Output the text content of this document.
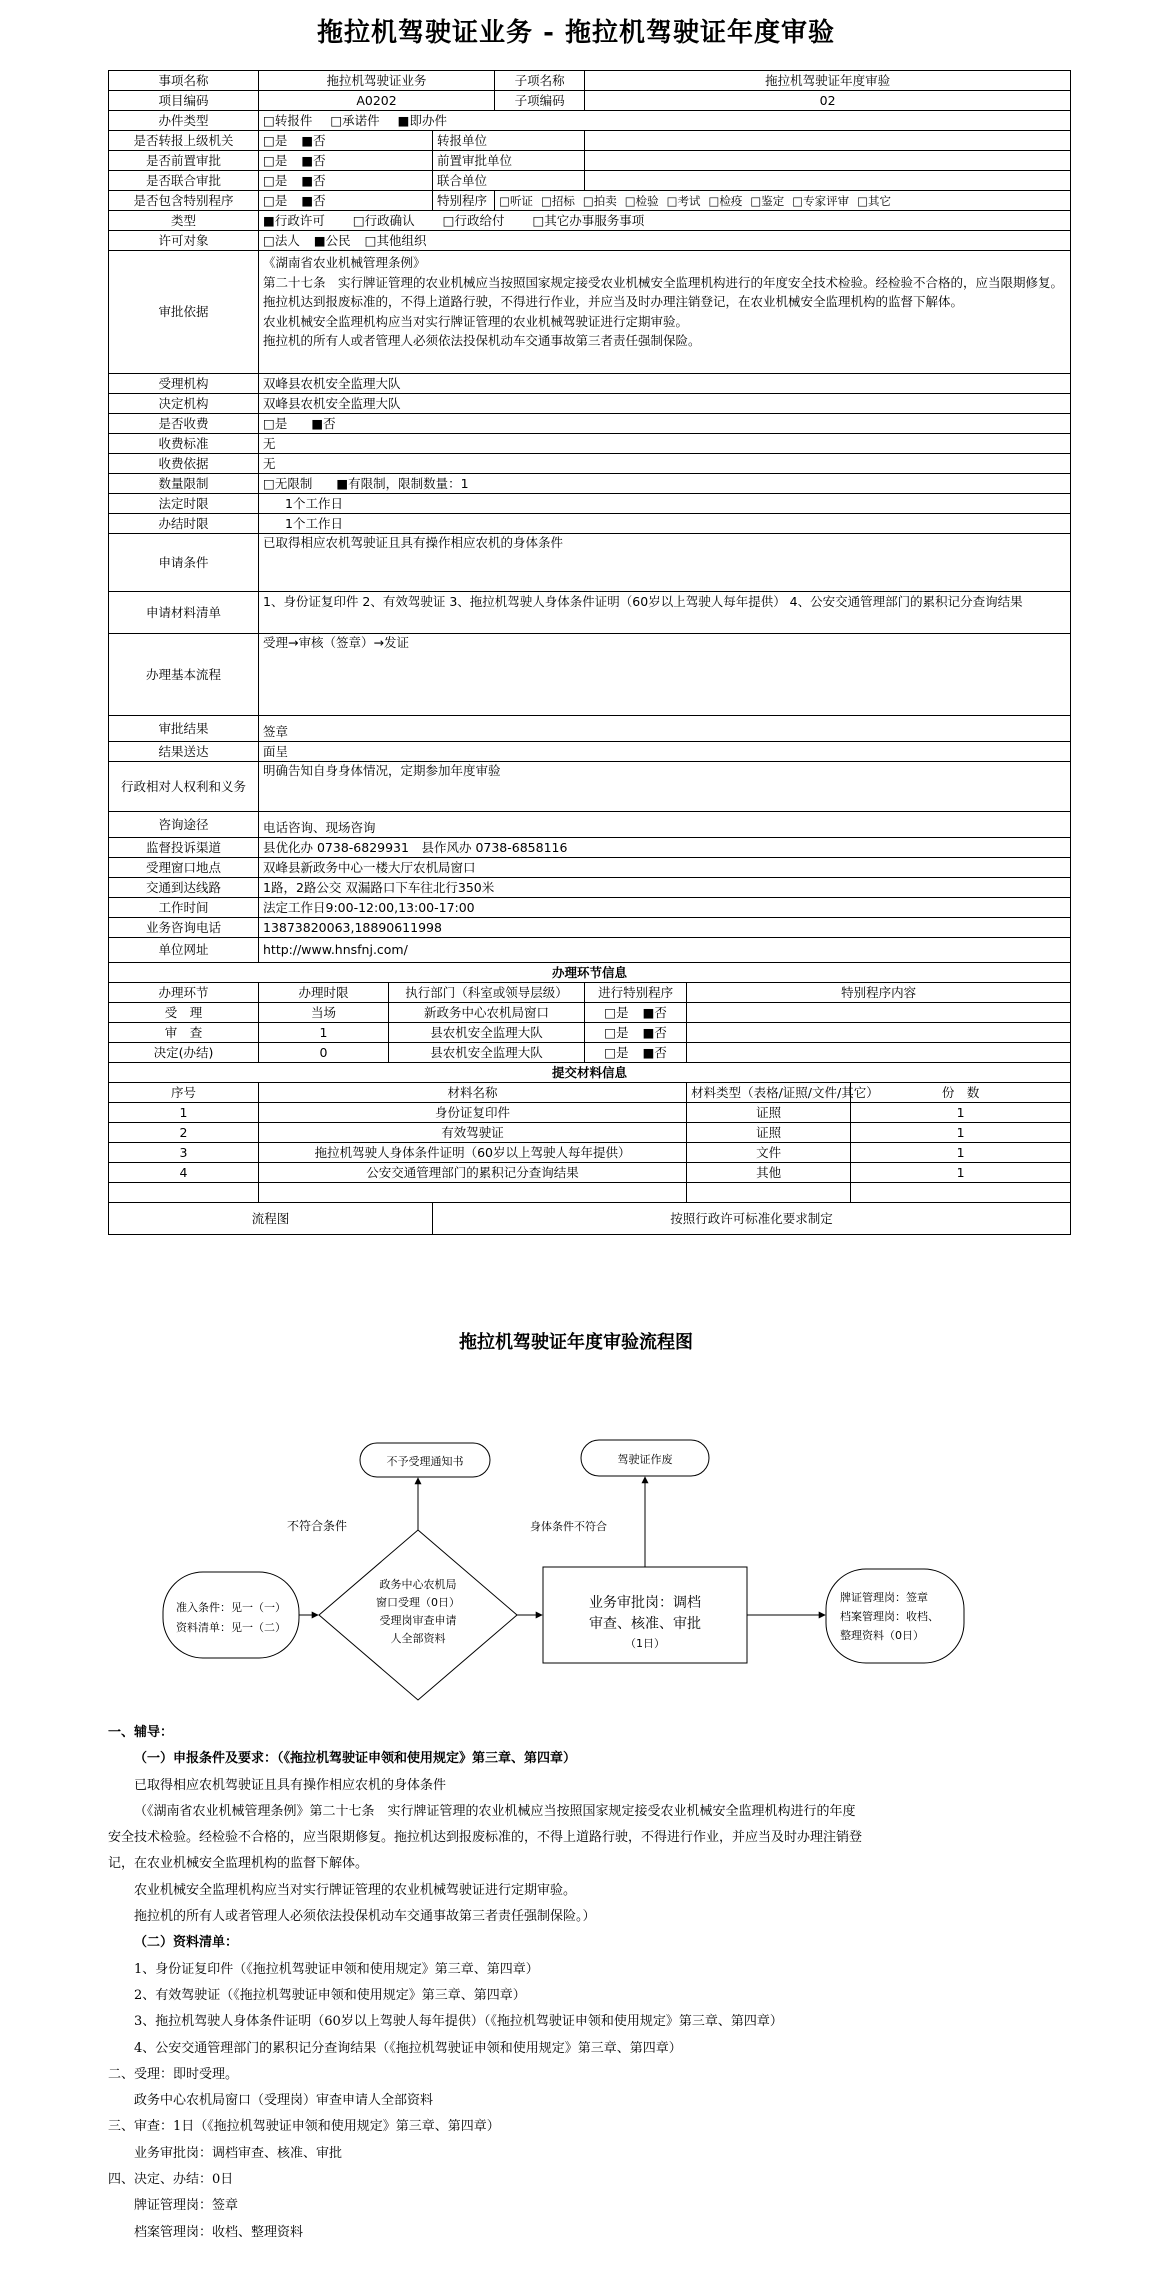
拖拉机驾驶证业务 - 拖拉机驾驶证年度审验
事项名称	拖拉机驾驶证业务			子项名称	拖拉机驾驶证年度审验		
项目编码	A0202			子项编码	02		
办件类型	□转报件 □承诺件 ■即办件						
是否转报上级机关	□是 ■否		转报单位				
是否前置审批	□是 ■否		前置审批单位				
是否联合审批	□是 ■否		联合单位				
是否包含特别程序	□是 ■否		特别程序	□听证 □招标 □拍卖 □检验 □考试 □检疫 □鉴定 □专家评审 □其它			
类型	■行政许可 □行政确认 □行政给付 □其它办事服务事项						
许可对象	□法人 ■公民 □其他组织						
审批依据	《湖南省农业机械管理条例》
第二十七条　实行牌证管理的农业机械应当按照国家规定接受农业机械安全监理机构进行的年度安全技术检验。经检验不合格的，应当限期修复。拖拉机达到报废标准的，不得上道路行驶，不得进行作业，并应当及时办理注销登记，在农业机械安全监理机构的监督下解体。
农业机械安全监理机构应当对实行牌证管理的农业机械驾驶证进行定期审验。
拖拉机的所有人或者管理人必须依法投保机动车交通事故第三者责任强制保险。						

受理机构	双峰县农机安全监理大队						
决定机构	双峰县农机安全监理大队						
是否收费	□是 ■否						
收费标准	无						
收费依据	无						
数量限制	□无限制 ■有限制，限制数量：1						
法定时限	1个工作日						
办结时限	1个工作日						
申请条件	已取得相应农机驾驶证且具有操作相应农机的身体条件						
申请材料清单	1、身份证复印件 2、有效驾驶证 3、拖拉机驾驶人身体条件证明（60岁以上驾驶人每年提供） 4、公安交通管理部门的累积记分查询结果						
办理基本流程	受理→审核（签章）→发证						
审批结果	签章						
结果送达	面呈						
行政相对人权利和义务	明确告知自身身体情况，定期参加年度审验						
咨询途径	电话咨询、现场咨询						
监督投诉渠道	县优化办 0738-6829931　县作风办 0738-6858116						
受理窗口地点	双峰县新政务中心一楼大厅农机局窗口						
交通到达线路	1路，2路公交 双漏路口下车往北行350米						
工作时间	法定工作日9:00-12:00,13:00-17:00						
业务咨询电话	13873820063,18890611998						
单位网址	http://www.hnsfnj.com/						
办理环节信息							
办理环节	办理时限	执行部门（科室或领导层级）			进行特别程序	特别程序内容	
受　理	当场	新政务中心农机局窗口			□是 ■否		
审　查	1	县农机安全监理大队			□是 ■否		
决定(办结)	0	县农机安全监理大队			□是 ■否		
提交材料信息							
序号	材料名称					材料类型（表格/证照/文件/其它）	份　数
1	身份证复印件					证照	1
2	有效驾驶证					证照	1
3	拖拉机驾驶人身体条件证明（60岁以上驾驶人每年提供）					文件	1
4	公安交通管理部门的累积记分查询结果					其他	1

流程图			按照行政许可标准化要求制定				
拖拉机驾驶证年度审验流程图
不予受理通知书	驾驶证作废
准入条件：见一（一）
资料清单：见一（二）
政务中心农机局
窗口受理（0日）
受理岗审查申请
人全部资料
业务审批岗：调档
审查、核准、审批
（1日）
牌证管理岗：签章
档案管理岗：收档、
整理资料（0日）
不符合条件	身体条件不符合
一、辅导：
（一）申报条件及要求：（《拖拉机驾驶证申领和使用规定》第三章、第四章）
已取得相应农机驾驶证且具有操作相应农机的身体条件
（《湖南省农业机械管理条例》第二十七条　实行牌证管理的农业机械应当按照国家规定接受农业机械安全监理机构进行的年度
安全技术检验。经检验不合格的，应当限期修复。拖拉机达到报废标准的，不得上道路行驶，不得进行作业，并应当及时办理注销登
记，在农业机械安全监理机构的监督下解体。
农业机械安全监理机构应当对实行牌证管理的农业机械驾驶证进行定期审验。
拖拉机的所有人或者管理人必须依法投保机动车交通事故第三者责任强制保险。）
（二）资料清单：
1、身份证复印件（《拖拉机驾驶证申领和使用规定》第三章、第四章）
2、有效驾驶证（《拖拉机驾驶证申领和使用规定》第三章、第四章）
3、拖拉机驾驶人身体条件证明（60岁以上驾驶人每年提供）（《拖拉机驾驶证申领和使用规定》第三章、第四章）
4、公安交通管理部门的累积记分查询结果（《拖拉机驾驶证申领和使用规定》第三章、第四章）
二、受理：即时受理。
政务中心农机局窗口（受理岗）审查申请人全部资料
三、审查：1日（《拖拉机驾驶证申领和使用规定》第三章、第四章）
业务审批岗：调档审查、核准、审批
四、决定、办结：0日
牌证管理岗：签章
档案管理岗：收档、整理资料
